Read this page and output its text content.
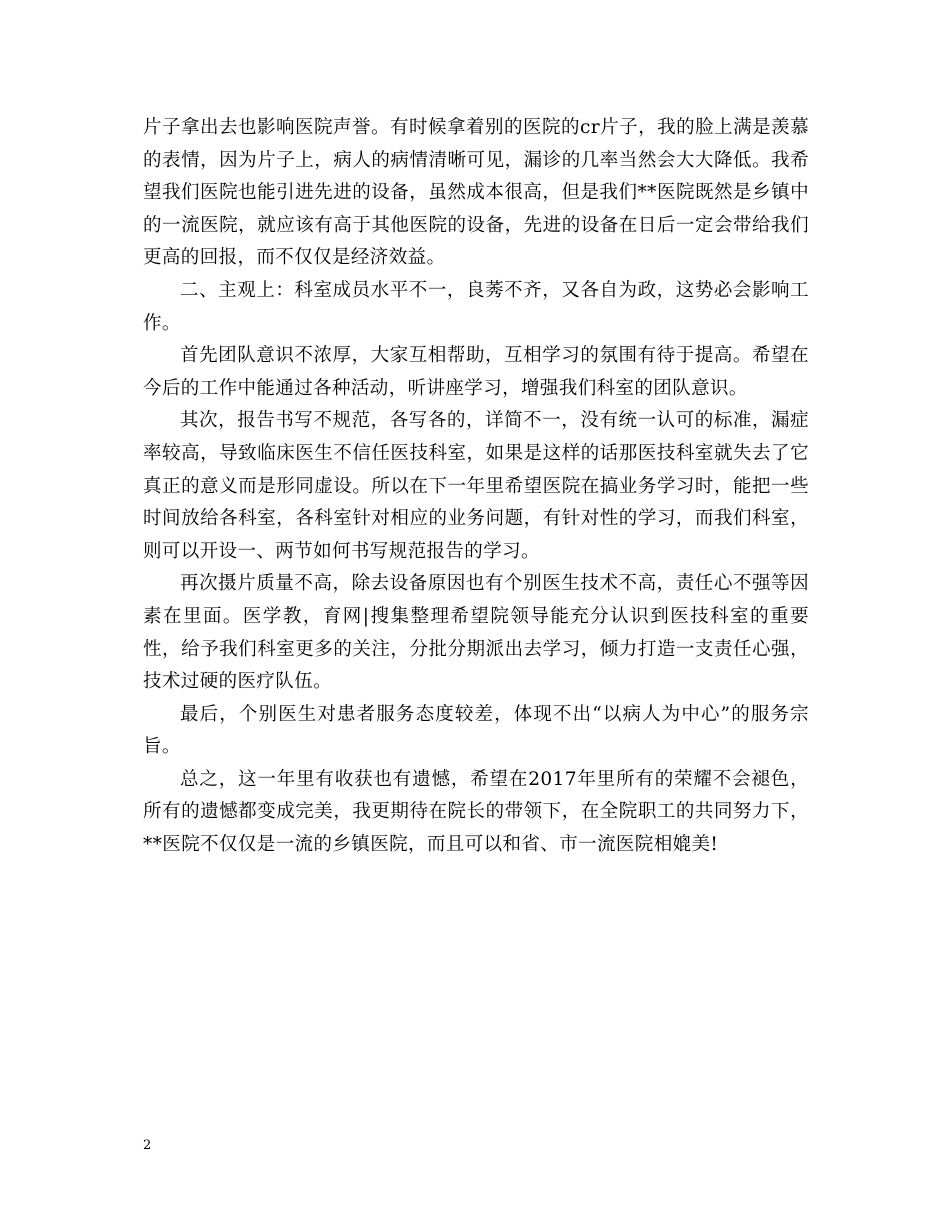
片子拿出去也影响医院声誉。有时候拿着别的医院的cr片子，我的脸上满是羡慕的表情，因为片子上，病人的病情清晰可见，漏诊的几率当然会大大降低。我希望我们医院也能引进先进的设备，虽然成本很高，但是我们**医院既然是乡镇中的一流医院，就应该有高于其他医院的设备，先进的设备在日后一定会带给我们更高的回报，而不仅仅是经济效益。

二、主观上：科室成员水平不一，良莠不齐，又各自为政，这势必会影响工作。

首先团队意识不浓厚，大家互相帮助，互相学习的氛围有待于提高。希望在今后的工作中能通过各种活动，听讲座学习，增强我们科室的团队意识。

其次，报告书写不规范，各写各的，详简不一，没有统一认可的标准，漏症率较高，导致临床医生不信任医技科室，如果是这样的话那医技科室就失去了它真正的意义而是形同虚设。所以在下一年里希望医院在搞业务学习时，能把一些时间放给各科室，各科室针对相应的业务问题，有针对性的学习，而我们科室，则可以开设一、两节如何书写规范报告的学习。

再次摄片质量不高，除去设备原因也有个别医生技术不高，责任心不强等因素在里面。医学教，育网|搜集整理希望院领导能充分认识到医技科室的重要性，给予我们科室更多的关注，分批分期派出去学习，倾力打造一支责任心强，技术过硬的医疗队伍。

最后，个别医生对患者服务态度较差，体现不出“以病人为中心”的服务宗旨。

总之，这一年里有收获也有遗憾，希望在2017年里所有的荣耀不会褪色，所有的遗憾都变成完美，我更期待在院长的带领下，在全院职工的共同努力下，**医院不仅仅是一流的乡镇医院，而且可以和省、市一流医院相媲美!

2
